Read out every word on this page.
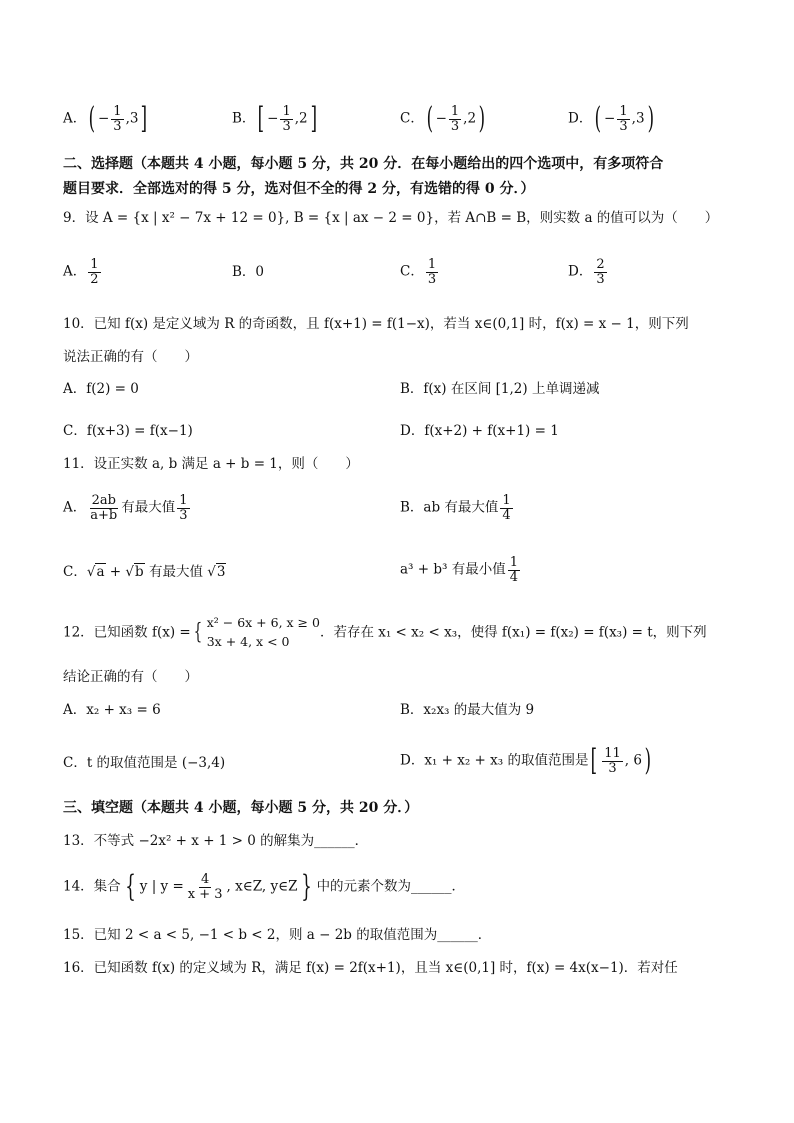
A．( − $\frac{1}{3} ,3$]	B．[ − $\frac{1}{3} ,2$]	C．( − $\frac{1}{3} ,2$)	D．( − $\frac{1}{3} ,3$)
二、选择题（本题共 4 小题，每小题 5 分，共 20 分．在每小题给出的四个选项中，有多项符合
题目要求．全部选对的得 5 分，选对但不全的得 2 分，有选错的得 0 分．）
9．设 A = {x | x² − 7x + 12 = 0}, B = {x | ax − 2 = 0}，若 A∩B = B，则实数 a 的值可以为（　　）
A． $\frac{1}{2}$	B．0	C． $\frac{1}{3}$	D． $\frac{2}{3}$
10．已知 f(x) 是定义域为 R 的奇函数，且 f(x+1) = f(1−x)，若当 x∈(0,1] 时，f(x) = x − 1，则下列
说法正确的有（　　）
A．f(2) = 0	B．f(x) 在区间 [1,2) 上单调递减
C．f(x+3) = f(x−1)	D．f(x+2) + f(x+1) = 1
11．设正实数 a, b 满足 a + b = 1，则（　　）
A． $\frac{2ab}{a+b}$ 有最大值 $\frac{1}{3}$	B．ab 有最大值 $\frac{1}{4}$
C．√a + √b 有最大值 √3	a³ + b³ 有最小值 $\frac{1}{4}$
12．已知函数 f(x) = { x² − 6x + 6, x ≥ 0
3x + 4, x < 0
．若存在 x₁ < x₂ < x₃，使得 f(x₁) = f(x₂) = f(x₃) = t，则下列
结论正确的有（　　）
A．x₂ + x₃ = 6	B．x₂x₃ 的最大值为 9
C．t 的取值范围是 (−3,4)	D．x₁ + x₂ + x₃ 的取值范围是[ $\frac{11}{3}$ , 6)
三、填空题（本题共 4 小题，每小题 5 分，共 20 分．）
13．不等式 −2x² + x + 1 > 0 的解集为______．
14．集合 { y | $y = \frac{4}{x + 3}$ , x∈Z, y∈Z } 中的元素个数为______．
15．已知 2 < a < 5, −1 < b < 2，则 a − 2b 的取值范围为______．
16．已知函数 f(x) 的定义域为 R，满足 f(x) = 2f(x+1)，且当 x∈(0,1] 时，f(x) = 4x(x−1)．若对任
